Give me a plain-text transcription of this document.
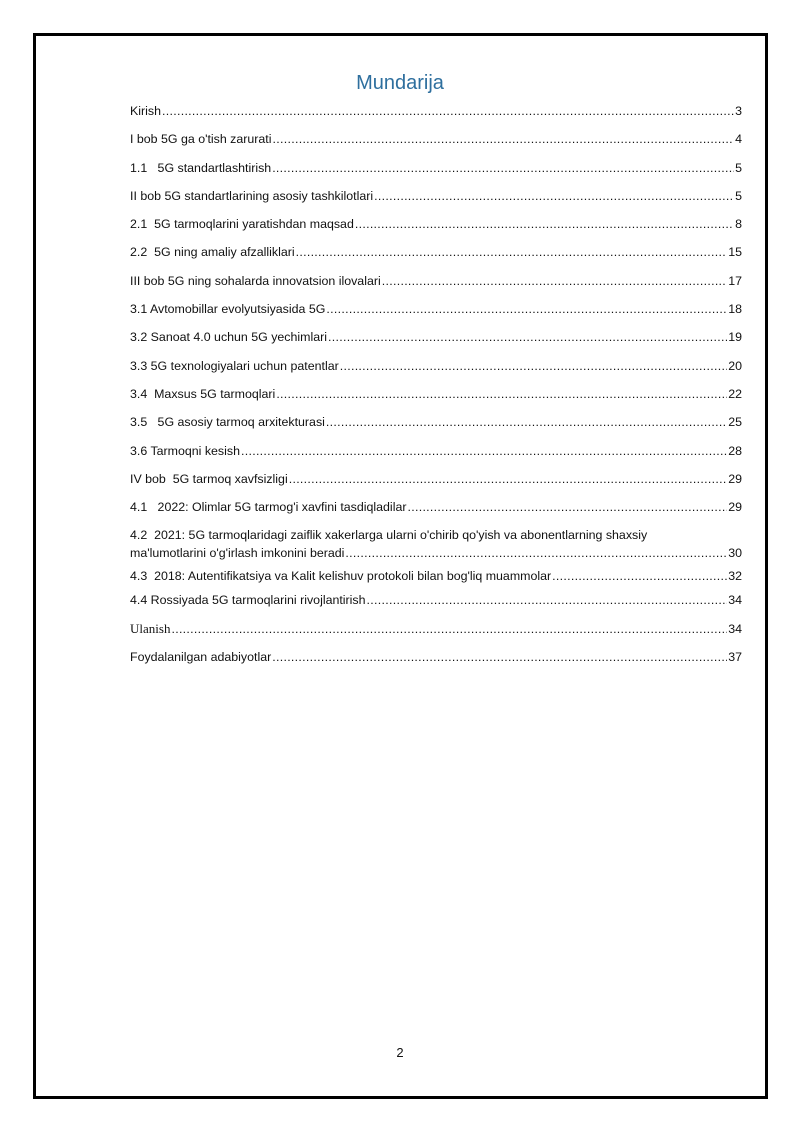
Mundarija
Kirish .....	3
I bob 5G ga o'tish zarurati .....	4
1.1   5G standartlashtirish .....	5
II bob 5G standartlarining asosiy tashkilotlari .....	5
2.1  5G tarmoqlarini yaratishdan maqsad .....	8
2.2  5G ning amaliy afzalliklari .....	15
III bob 5G ning sohalarda innovatsion ilovalari .....	17
3.1 Avtomobillar evolyutsiyasida 5G .....	18
3.2 Sanoat 4.0 uchun 5G yechimlari .....	19
3.3 5G texnologiyalari uchun patentlar .....	20
3.4  Maxsus 5G tarmoqlari .....	22
3.5   5G asosiy tarmoq arxitekturasi .....	25
3.6 Tarmoqni kesish .....	28
IV bob  5G tarmoq xavfsizligi .....	29
4.1   2022: Olimlar 5G tarmog'i xavfini tasdiqladilar .....	29
4.2  2021: 5G tarmoqlaridagi zaiflik xakerlarga ularni o'chirib qo'yish va abonentlarning shaxsiy
ma'lumotlarini o'g'irlash imkonini beradi .....	30
4.3  2018: Autentifikatsiya va Kalit kelishuv protokoli bilan bog'liq muammolar .....	32
4.4 Rossiyada 5G tarmoqlarini rivojlantirish .....	34
Ulanish .....	34
Foydalanilgan adabiyotlar .....	37
2
